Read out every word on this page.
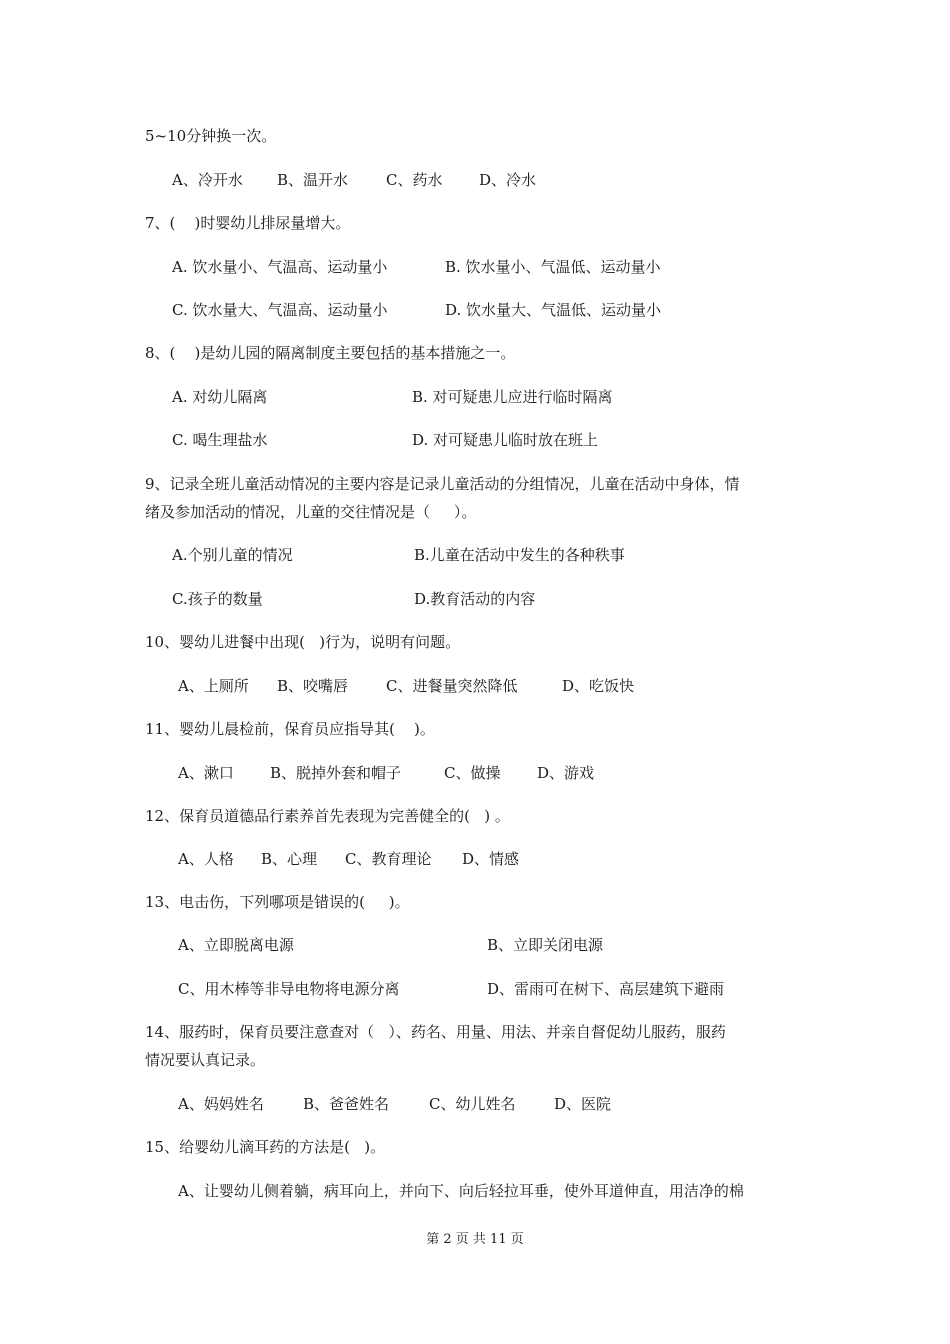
5~10分钟换一次。
A、冷开水 B、温开水	C、药水 D、冷水
7、(    )时婴幼儿排尿量增大。
A. 饮水量小、气温高、运动量小	B. 饮水量小、气温低、运动量小
C. 饮水量大、气温高、运动量小	D. 饮水量大、气温低、运动量小
8、(    )是幼儿园的隔离制度主要包括的基本措施之一。
A. 对幼儿隔离	B. 对可疑患儿应进行临时隔离
C. 喝生理盐水	D. 对可疑患儿临时放在班上
9、记录全班儿童活动情况的主要内容是记录儿童活动的分组情况，儿童在活动中身体，情
绪及参加活动的情况，儿童的交往情况是（     ）。
A.个别儿童的情况	B.儿童在活动中发生的各种秩事
C.孩子的数量	D.教育活动的内容
10、婴幼儿进餐中出现(   )行为，说明有问题。
A、上厕所 B、咬嘴唇	C、进餐量突然降低	D、吃饭快
11、婴幼儿晨检前，保育员应指导其(    )。
A、漱口 B、脱掉外套和帽子	C、做操 D、游戏
12、保育员道德品行素养首先表现为完善健全的(   ) 。
A、人格 B、心理 C、教育理论 D、情感
13、电击伤，下列哪项是错误的(     )。
A、立即脱离电源	B、立即关闭电源
C、用木棒等非导电物将电源分离	D、雷雨可在树下、高层建筑下避雨
14、服药时，保育员要注意查对（   ）、药名、用量、用法、并亲自督促幼儿服药，服药
情况要认真记录。
A、妈妈姓名	B、爸爸姓名	C、幼儿姓名	D、医院
15、给婴幼儿滴耳药的方法是(   )。
A、让婴幼儿侧着躺，病耳向上，并向下、向后轻拉耳垂，使外耳道伸直，用洁净的棉
第 2 页 共 11 页
